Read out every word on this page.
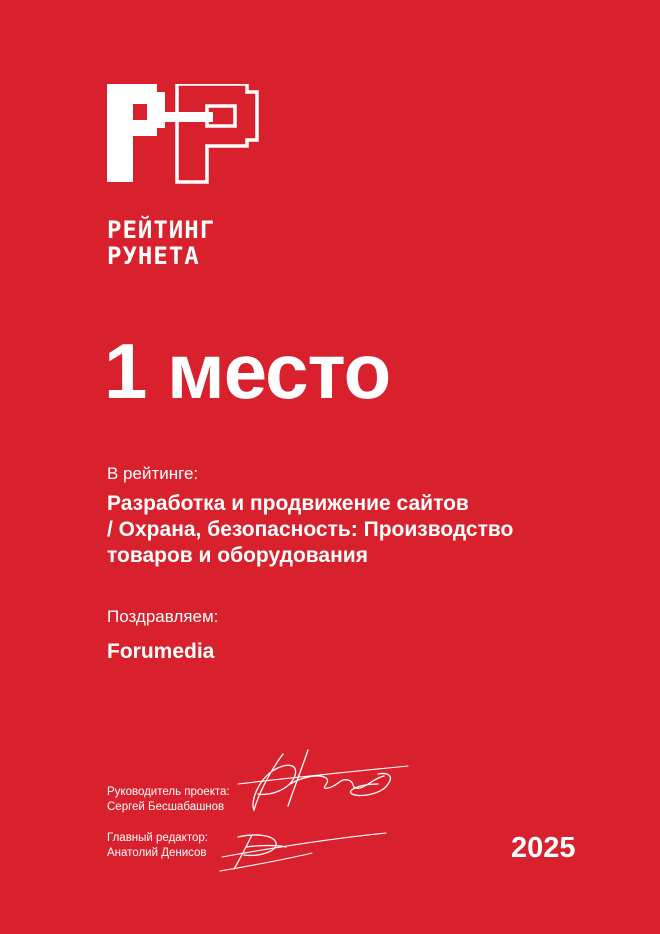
РЕЙТИНГ
РУНЕТА
1 место
В рейтинге:
Разработка и продвижение сайтов
/ Охрана, безопасность: Производство
товаров и оборудования
Поздравляем:
Forumedia
Руководитель проекта:
Сергей Бесшабашнов
Главный редактор:
Анатолий Денисов	2025
